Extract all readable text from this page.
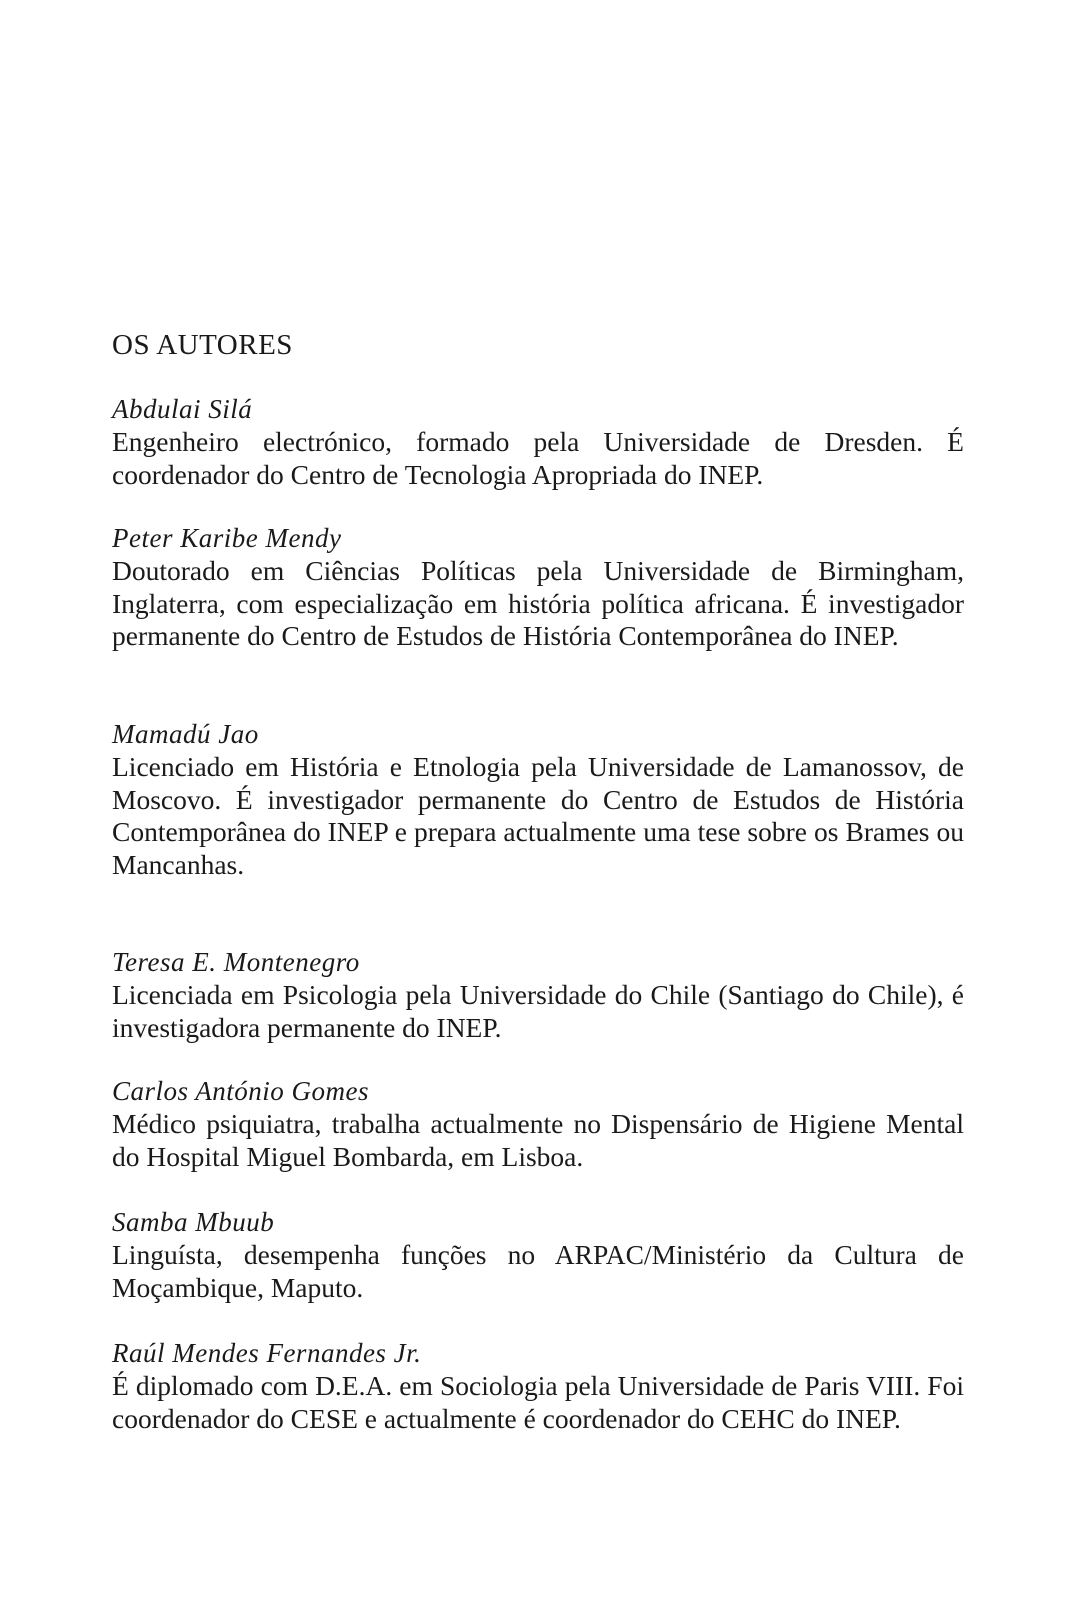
OS AUTORES
Abdulai Silá

Engenheiro electrónico, formado pela Universidade de Dresden. É coordenador do Centro de Tecnologia Apropriada do INEP.

Peter Karibe Mendy

Doutorado em Ciências Políticas pela Universidade de Birmingham, Inglaterra, com especialização em história política africana. É investigador permanente do Centro de Estudos de História Contemporânea do INEP.

Mamadú Jao

Licenciado em História e Etnologia pela Universidade de Lamanossov, de Moscovo. É investigador permanente do Centro de Estudos de História Contemporânea do INEP e prepara actualmente uma tese sobre os Brames ou Mancanhas.

Teresa E. Montenegro

Licenciada em Psicologia pela Universidade do Chile (Santiago do Chile), é investigadora permanente do INEP.

Carlos António Gomes

Médico psiquiatra, trabalha actualmente no Dispensário de Higiene Mental do Hospital Miguel Bombarda, em Lisboa.

Samba Mbuub

Linguísta, desempenha funções no ARPAC/Ministério da Cultura de Moçambique, Maputo.

Raúl Mendes Fernandes Jr.

É diplomado com D.E.A. em Sociologia pela Universidade de Paris VIII. Foi coordenador do CESE e actualmente é coordenador do CEHC do INEP.
